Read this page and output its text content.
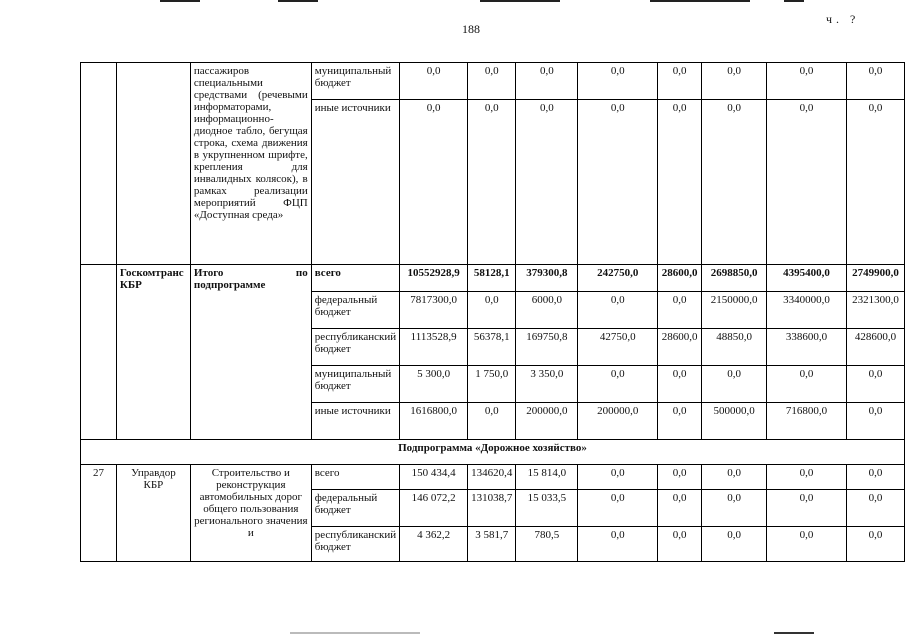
188
ч. ?
		пассажиров специальными средствами (речевыми информаторами, информационно-диодное табло, бегущая строка, схема движения в укрупненном шрифте, крепления для инвалидных колясок), в рамках реализации мероприятий ФЦП «Доступная среда»	муниципальный бюджет	0,0	0,0	0,0	0,0	0,0	0,0	0,0	0,0
			иные источники	0,0	0,0	0,0	0,0	0,0	0,0	0,0	0,0
	Госкомтранс КБР	Итого по подпрограмме	всего	10552928,9	58128,1	379300,8	242750,0	28600,0	2698850,0	4395400,0	2749900,0
			федеральный бюджет	7817300,0	0,0	6000,0	0,0	0,0	2150000,0	3340000,0	2321300,0
			республиканский бюджет	1113528,9	56378,1	169750,8	42750,0	28600,0	48850,0	338600,0	428600,0
			муниципальный бюджет	5 300,0	1 750,0	3 350,0	0,0	0,0	0,0	0,0	0,0
			иные источники	1616800,0	0,0	200000,0	200000,0	0,0	500000,0	716800,0	0,0
Подпрограмма «Дорожное хозяйство»											
27	Управдор КБР	Строительство и реконструкция автомобильных дорог общего пользования регионального значения и	всего	150 434,4	134620,4	15 814,0	0,0	0,0	0,0	0,0	0,0
			федеральный бюджет	146 072,2	131038,7	15 033,5	0,0	0,0	0,0	0,0	0,0
			республиканский бюджет	4 362,2	3 581,7	780,5	0,0	0,0	0,0	0,0	0,0
